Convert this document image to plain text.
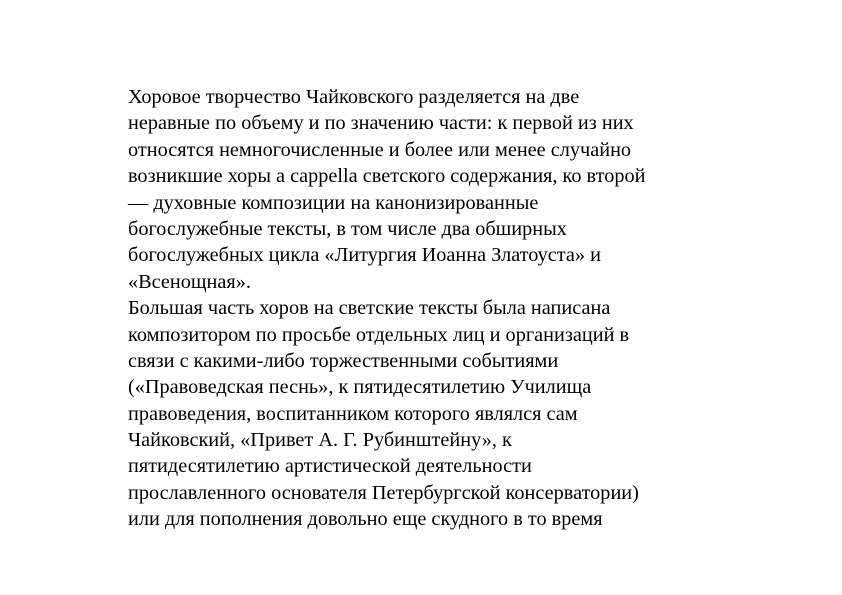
Хоровое творчество Чайковского разделяется на две
неравные по объему и по значению части: к первой из них
относятся немногочисленные и более или менее случайно
возникшие хоры a cappella светского содержания, ко второй
— духовные композиции на канонизированные
богослужебные тексты, в том числе два обширных
богослужебных цикла «Литургия Иоанна Златоуста» и
«Всенощная».
Большая часть хоров на светские тексты была написана
композитором по просьбе отдельных лиц и организаций в
связи с какими-либо торжественными событиями
(«Правоведская песнь», к пятидесятилетию Училища
правоведения, воспитанником которого являлся сам
Чайковский, «Привет А. Г. Рубинштейну», к
пятидесятилетию артистической деятельности
прославленного основателя Петербургской консерватории)
или для пополнения довольно еще скудного в то время
